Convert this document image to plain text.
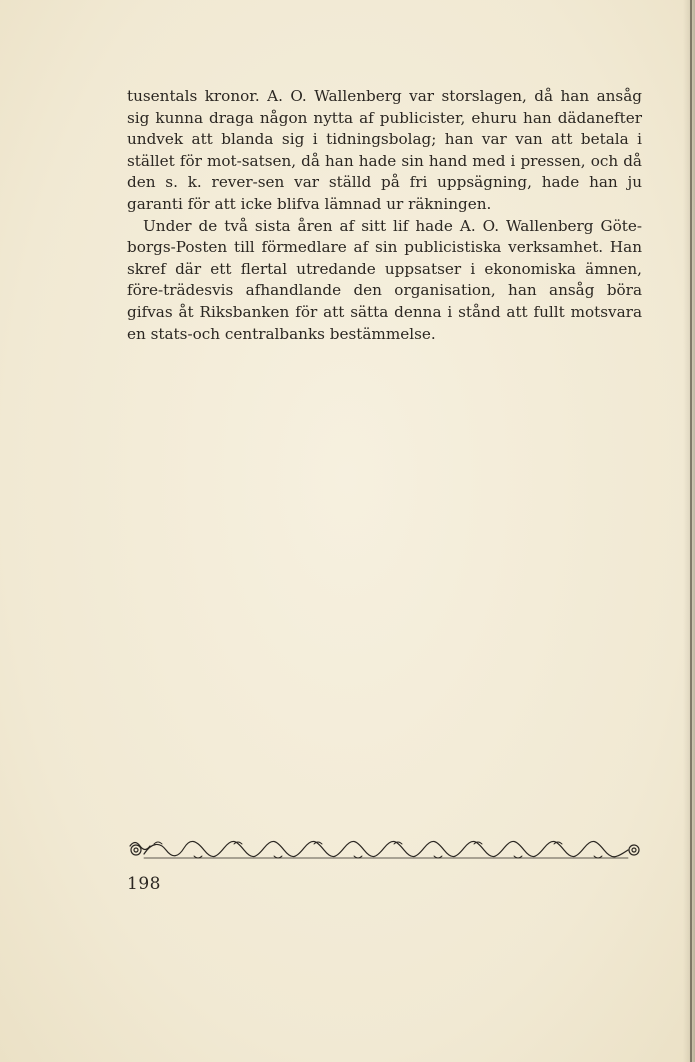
tusentals kronor. A. O. Wallenberg var storslagen, då han ansåg sig kunna draga någon nytta af publicister, ehuru han dädanefter undvek att blanda sig i tidningsbolag; han var van att betala i stället för mot-satsen, då han hade sin hand med i pressen, och då den s. k. rever-sen var ställd på fri uppsägning, hade han ju garanti för att icke blifva lämnad ur räkningen.

Under de två sista åren af sitt lif hade A. O. Wallenberg Göte-borgs-Posten till förmedlare af sin publicistiska verksamhet. Han skref där ett flertal utredande uppsatser i ekonomiska ämnen, före-trädesvis afhandlande den organisation, han ansåg böra gifvas åt Riksbanken för att sätta denna i stånd att fullt motsvara en stats-och centralbanks bestämmelse.

198
